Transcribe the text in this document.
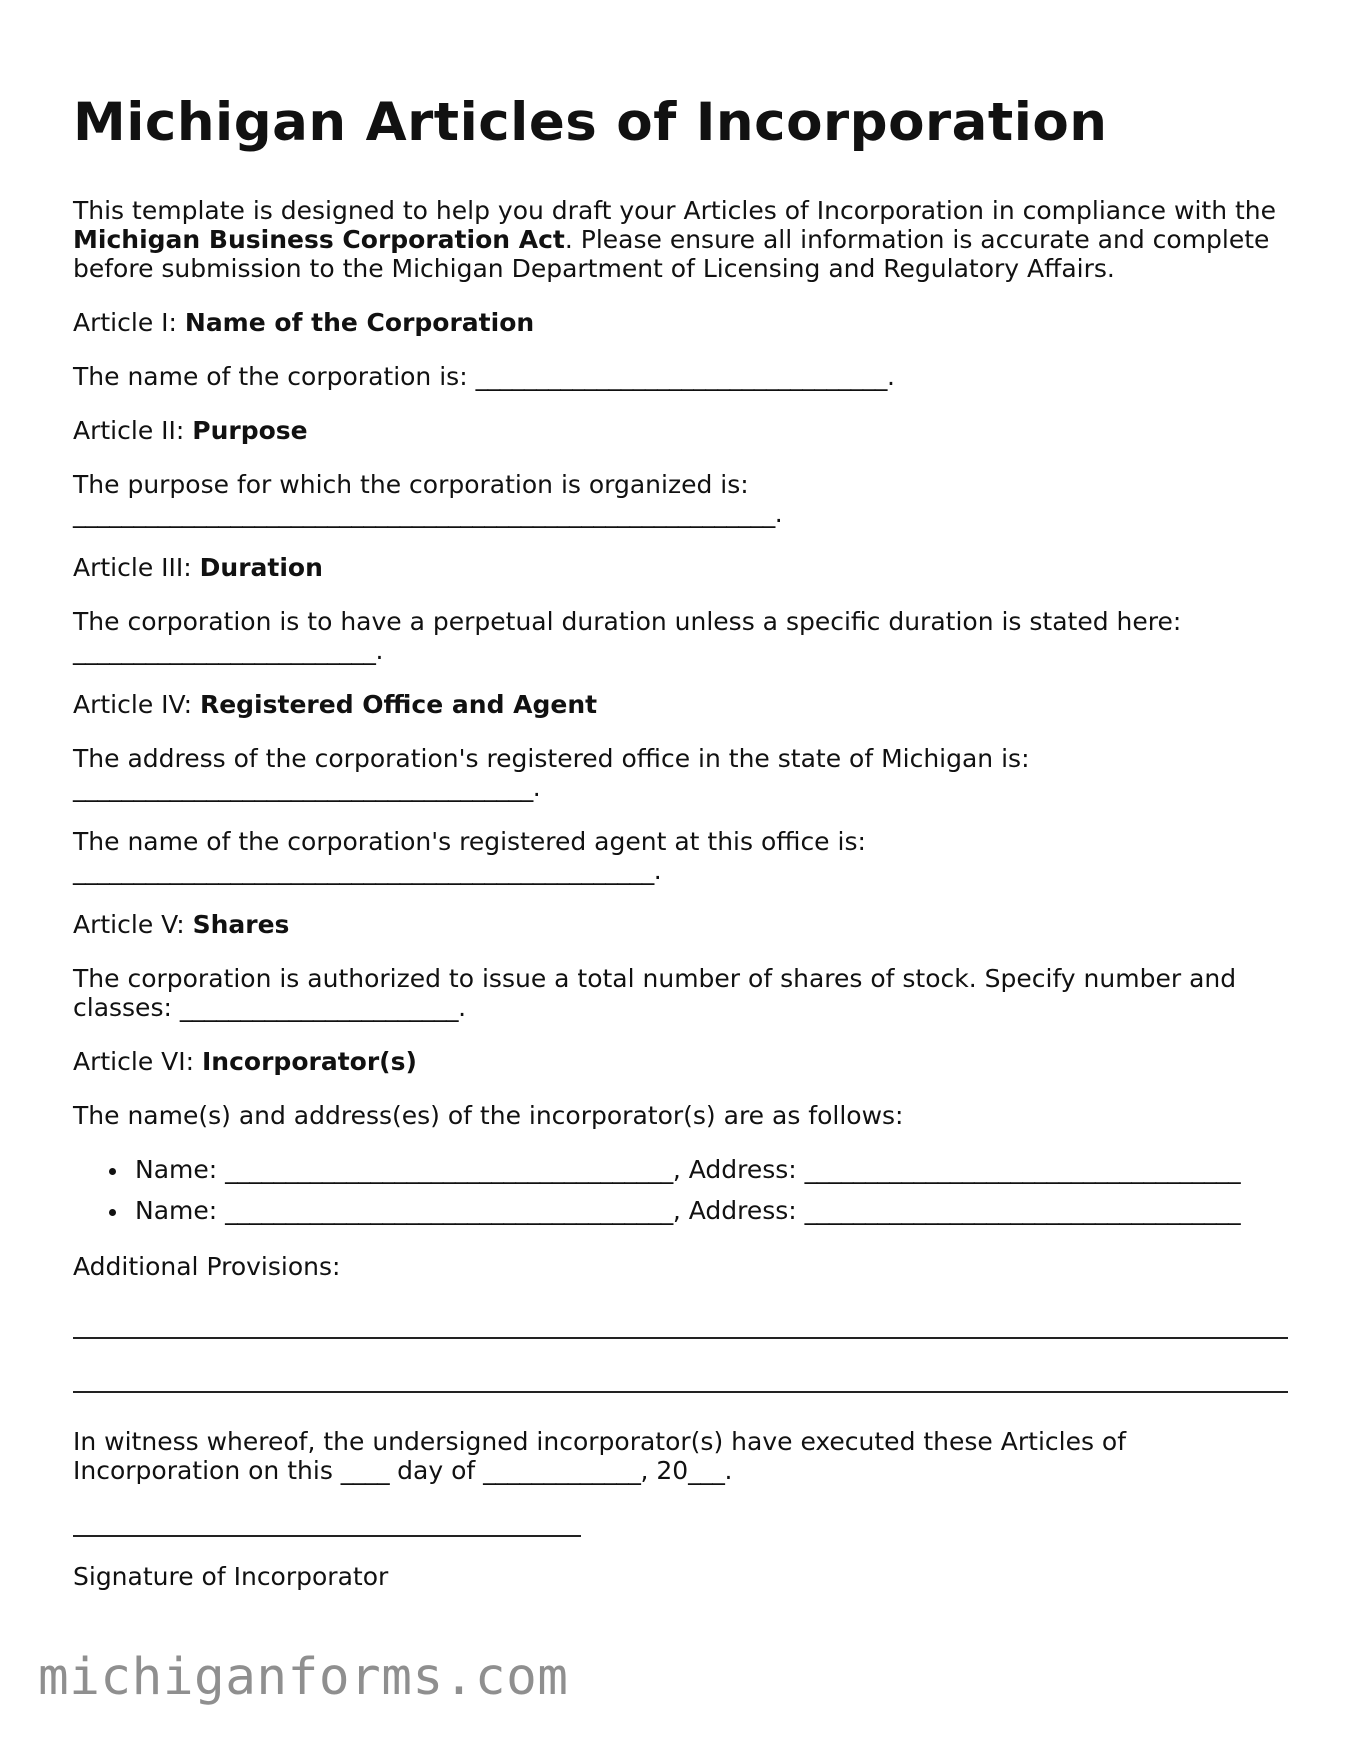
Michigan Articles of Incorporation

This template is designed to help you draft your Articles of Incorporation in compliance with the Michigan Business Corporation Act. Please ensure all information is accurate and complete before submission to the Michigan Department of Licensing and Regulatory Affairs.

Article I: Name of the Corporation

The name of the corporation is: __________________________________.

Article II: Purpose

The purpose for which the corporation is organized is: __________________________________________________________.

Article III: Duration

The corporation is to have a perpetual duration unless a specific duration is stated here: _________________________.

Article IV: Registered Office and Agent

The address of the corporation's registered office in the state of Michigan is: ______________________________________.

The name of the corporation's registered agent at this office is: ________________________________________________.

Article V: Shares

The corporation is authorized to issue a total number of shares of stock. Specify number and classes: _______________________.

Article VI: Incorporator(s)

The name(s) and address(es) of the incorporator(s) are as follows:

Name: _____________________________________, Address: ____________________________________
Name: _____________________________________, Address: ____________________________________

Additional Provisions:

In witness whereof, the undersigned incorporator(s) have executed these Articles of Incorporation on this ____ day of _____________, 20___.

Signature of Incorporator

michiganforms.com
